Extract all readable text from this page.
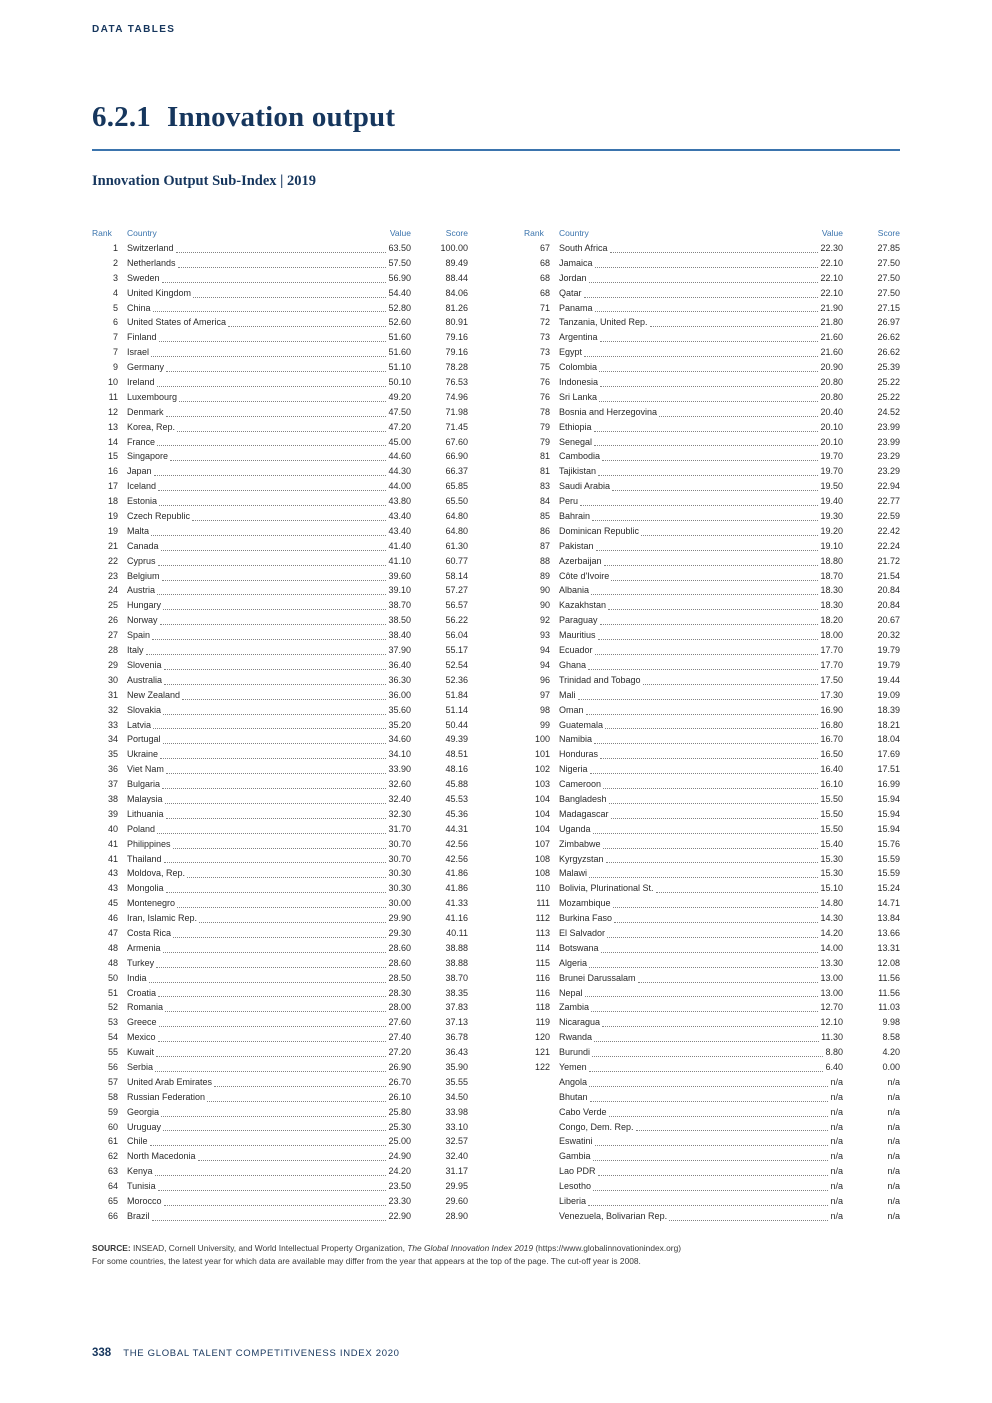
DATA TABLES
6.2.1 Innovation output
Innovation Output Sub-Index | 2019
Rank	Country	Value	Score
1 Switzerland	63.50	100.00
2 Netherlands	57.50	89.49
3 Sweden	56.90	88.44
4 United Kingdom	54.40	84.06
5 China	52.80	81.26
6 United States of America	52.60	80.91
7 Finland	51.60	79.16
7 Israel	51.60	79.16
9 Germany	51.10	78.28
10 Ireland	50.10	76.53
11 Luxembourg	49.20	74.96
12 Denmark	47.50	71.98
13 Korea, Rep.	47.20	71.45
14 France	45.00	67.60
15 Singapore	44.60	66.90
16 Japan	44.30	66.37
17 Iceland	44.00	65.85
18 Estonia	43.80	65.50
19 Czech Republic	43.40	64.80
19 Malta	43.40	64.80
21 Canada	41.40	61.30
22 Cyprus	41.10	60.77
23 Belgium	39.60	58.14
24 Austria	39.10	57.27
25 Hungary	38.70	56.57
26 Norway	38.50	56.22
27 Spain	38.40	56.04
28 Italy	37.90	55.17
29 Slovenia	36.40	52.54
30 Australia	36.30	52.36
31 New Zealand	36.00	51.84
32 Slovakia	35.60	51.14
33 Latvia	35.20	50.44
34 Portugal	34.60	49.39
35 Ukraine	34.10	48.51
36 Viet Nam	33.90	48.16
37 Bulgaria	32.60	45.88
38 Malaysia	32.40	45.53
39 Lithuania	32.30	45.36
40 Poland	31.70	44.31
41 Philippines	30.70	42.56
41 Thailand	30.70	42.56
43 Moldova, Rep.	30.30	41.86
43 Mongolia	30.30	41.86
45 Montenegro	30.00	41.33
46 Iran, Islamic Rep.	29.90	41.16
47 Costa Rica	29.30	40.11
48 Armenia	28.60	38.88
48 Turkey	28.60	38.88
50 India	28.50	38.70
51 Croatia	28.30	38.35
52 Romania	28.00	37.83
53 Greece	27.60	37.13
54 Mexico	27.40	36.78
55 Kuwait	27.20	36.43
56 Serbia	26.90	35.90
57 United Arab Emirates	26.70	35.55
58 Russian Federation	26.10	34.50
59 Georgia	25.80	33.98
60 Uruguay	25.30	33.10
61 Chile	25.00	32.57
62 North Macedonia	24.90	32.40
63 Kenya	24.20	31.17
64 Tunisia	23.50	29.95
65 Morocco	23.30	29.60
66 Brazil	22.90	28.90
Rank	Country	Value	Score
67 South Africa	22.30	27.85
68 Jamaica	22.10	27.50
68 Jordan	22.10	27.50
68 Qatar	22.10	27.50
71 Panama	21.90	27.15
72 Tanzania, United Rep.	21.80	26.97
73 Argentina	21.60	26.62
73 Egypt	21.60	26.62
75 Colombia	20.90	25.39
76 Indonesia	20.80	25.22
76 Sri Lanka	20.80	25.22
78 Bosnia and Herzegovina	20.40	24.52
79 Ethiopia	20.10	23.99
79 Senegal	20.10	23.99
81 Cambodia	19.70	23.29
81 Tajikistan	19.70	23.29
83 Saudi Arabia	19.50	22.94
84 Peru	19.40	22.77
85 Bahrain	19.30	22.59
86 Dominican Republic	19.20	22.42
87 Pakistan	19.10	22.24
88 Azerbaijan	18.80	21.72
89 Côte d'Ivoire	18.70	21.54
90 Albania	18.30	20.84
90 Kazakhstan	18.30	20.84
92 Paraguay	18.20	20.67
93 Mauritius	18.00	20.32
94 Ecuador	17.70	19.79
94 Ghana	17.70	19.79
96 Trinidad and Tobago	17.50	19.44
97 Mali	17.30	19.09
98 Oman	16.90	18.39
99 Guatemala	16.80	18.21
100 Namibia	16.70	18.04
101 Honduras	16.50	17.69
102 Nigeria	16.40	17.51
103 Cameroon	16.10	16.99
104 Bangladesh	15.50	15.94
104 Madagascar	15.50	15.94
104 Uganda	15.50	15.94
107 Zimbabwe	15.40	15.76
108 Kyrgyzstan	15.30	15.59
108 Malawi	15.30	15.59
110 Bolivia, Plurinational St.	15.10	15.24
111 Mozambique	14.80	14.71
112 Burkina Faso	14.30	13.84
113 El Salvador	14.20	13.66
114 Botswana	14.00	13.31
115 Algeria	13.30	12.08
116 Brunei Darussalam	13.00	11.56
116 Nepal	13.00	11.56
118 Zambia	12.70	11.03
119 Nicaragua	12.10	9.98
120 Rwanda	11.30	8.58
121 Burundi	8.80	4.20
122 Yemen	6.40	0.00
Angola	n/a	n/a
Bhutan	n/a	n/a
Cabo Verde	n/a	n/a
Congo, Dem. Rep.	n/a	n/a
Eswatini	n/a	n/a
Gambia	n/a	n/a
Lao PDR	n/a	n/a
Lesotho	n/a	n/a
Liberia	n/a	n/a
Venezuela, Bolivarian Rep.	n/a	n/a
SOURCE: INSEAD, Cornell University, and World Intellectual Property Organization, The Global Innovation Index 2019 (https://www.globalinnovationindex.org)
For some countries, the latest year for which data are available may differ from the year that appears at the top of the page. The cut-off year is 2008.
338 THE GLOBAL TALENT COMPETITIVENESS INDEX 2020
